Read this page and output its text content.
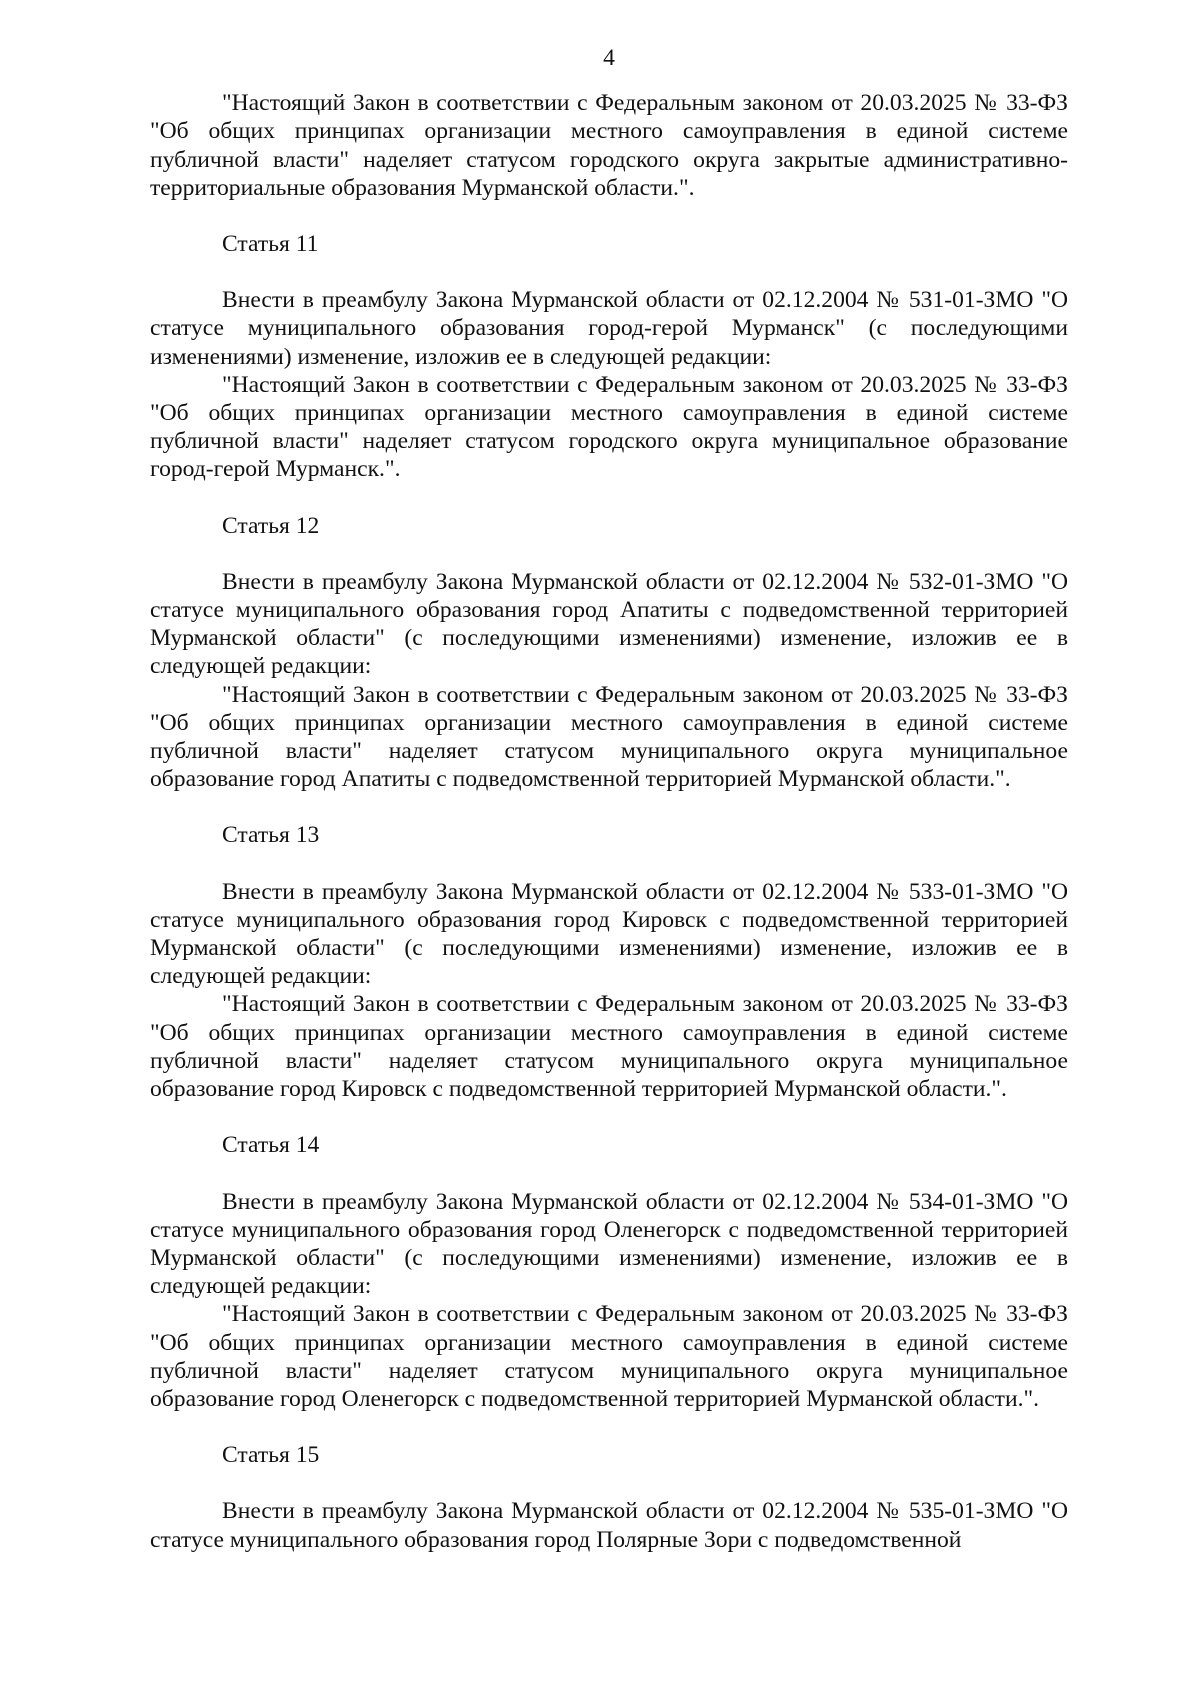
4

"Настоящий Закон в соответствии с Федеральным законом от 20.03.2025 № 33-ФЗ "Об общих принципах организации местного самоуправления в единой системе публичной власти" наделяет статусом городского округа закрытые административно-территориальные образования Мурманской области.".

Статья 11

Внести в преамбулу Закона Мурманской области от 02.12.2004 № 531-01-ЗМО "О статусе муниципального образования город-герой Мурманск" (с последующими изменениями) изменение, изложив ее в следующей редакции:

"Настоящий Закон в соответствии с Федеральным законом от 20.03.2025 № 33-ФЗ "Об общих принципах организации местного самоуправления в единой системе публичной власти" наделяет статусом городского округа муниципальное образование город-герой Мурманск.".

Статья 12

Внести в преамбулу Закона Мурманской области от 02.12.2004 № 532-01-ЗМО "О статусе муниципального образования город Апатиты с подведомственной территорией Мурманской области" (с последующими изменениями) изменение, изложив ее в следующей редакции:

"Настоящий Закон в соответствии с Федеральным законом от 20.03.2025 № 33-ФЗ "Об общих принципах организации местного самоуправления в единой системе публичной власти" наделяет статусом муниципального округа муниципальное образование город Апатиты с подведомственной территорией Мурманской области.".

Статья 13

Внести в преамбулу Закона Мурманской области от 02.12.2004 № 533-01-ЗМО "О статусе муниципального образования город Кировск с подведомственной территорией Мурманской области" (с последующими изменениями) изменение, изложив ее в следующей редакции:

"Настоящий Закон в соответствии с Федеральным законом от 20.03.2025 № 33-ФЗ "Об общих принципах организации местного самоуправления в единой системе публичной власти" наделяет статусом муниципального округа муниципальное образование город Кировск с подведомственной территорией Мурманской области.".

Статья 14

Внести в преамбулу Закона Мурманской области от 02.12.2004 № 534-01-ЗМО "О статусе муниципального образования город Оленегорск с подведомственной территорией Мурманской области" (с последующими изменениями) изменение, изложив ее в следующей редакции:

"Настоящий Закон в соответствии с Федеральным законом от 20.03.2025 № 33-ФЗ "Об общих принципах организации местного самоуправления в единой системе публичной власти" наделяет статусом муниципального округа муниципальное образование город Оленегорск с подведомственной территорией Мурманской области.".

Статья 15

Внести в преамбулу Закона Мурманской области от 02.12.2004 № 535-01-ЗМО "О статусе муниципального образования город Полярные Зори с подведомственной
